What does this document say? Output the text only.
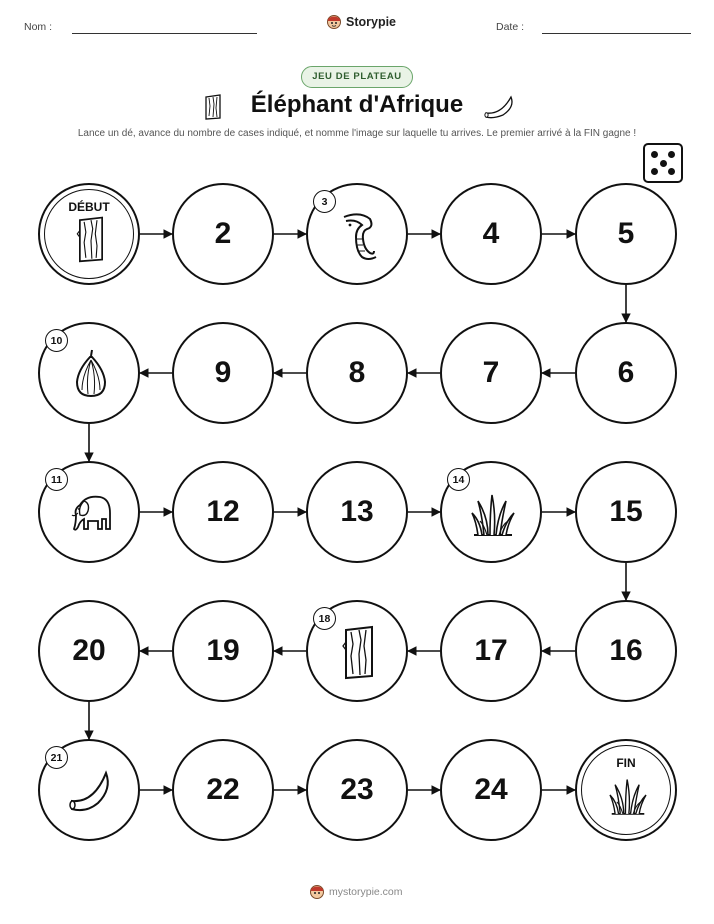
Nom :	Storypie	Date :
JEU DE PLATEAU
Éléphant d'Afrique
Lance un dé, avance du nombre de cases indiqué, et nomme l'image sur laquelle tu arrives. Le premier arrivé à la FIN gagne !
DÉBUT
2
3
4	5
6
7
8
9
10
11
12	13
14
15
16
17
18
19
20
21
22	23	24
FIN
mystorypie.com
